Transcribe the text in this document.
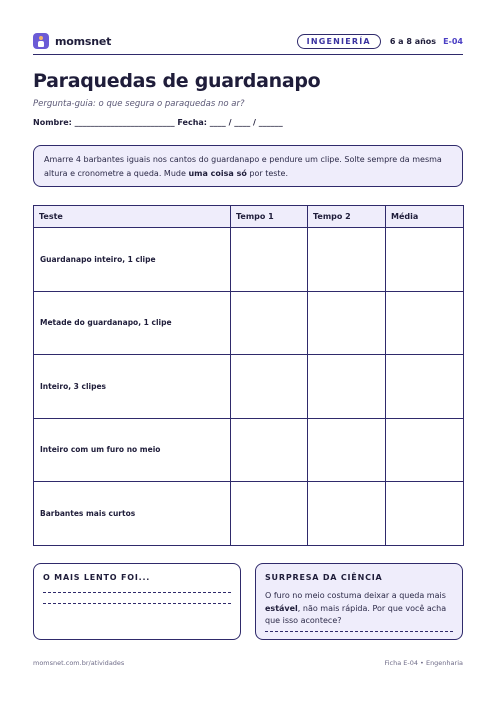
momsnet	INGENIERÍA	6 a 8 años E-04
Paraquedas de guardanapo
Pergunta-guia: o que segura o paraquedas no ar?
Nombre: _________________________ Fecha: ____ / ____ / ______
Amarre 4 barbantes iguais nos cantos do guardanapo e pendure um clipe. Solte sempre da mesma altura e cronometre a queda. Mude uma coisa só por teste.
Teste	Tempo 1	Tempo 2	Média
Guardanapo inteiro, 1 clipe			
Metade do guardanapo, 1 clipe			
Inteiro, 3 clipes			
Inteiro com um furo no meio			
Barbantes mais curtos			
O MAIS LENTO FOI...	SURPRESA DA CIÊNCIA
O furo no meio costuma deixar a queda mais estável, não mais rápida. Por que você acha que isso acontece?
momsnet.com.br/atividades	Ficha E-04 • Engenharia
